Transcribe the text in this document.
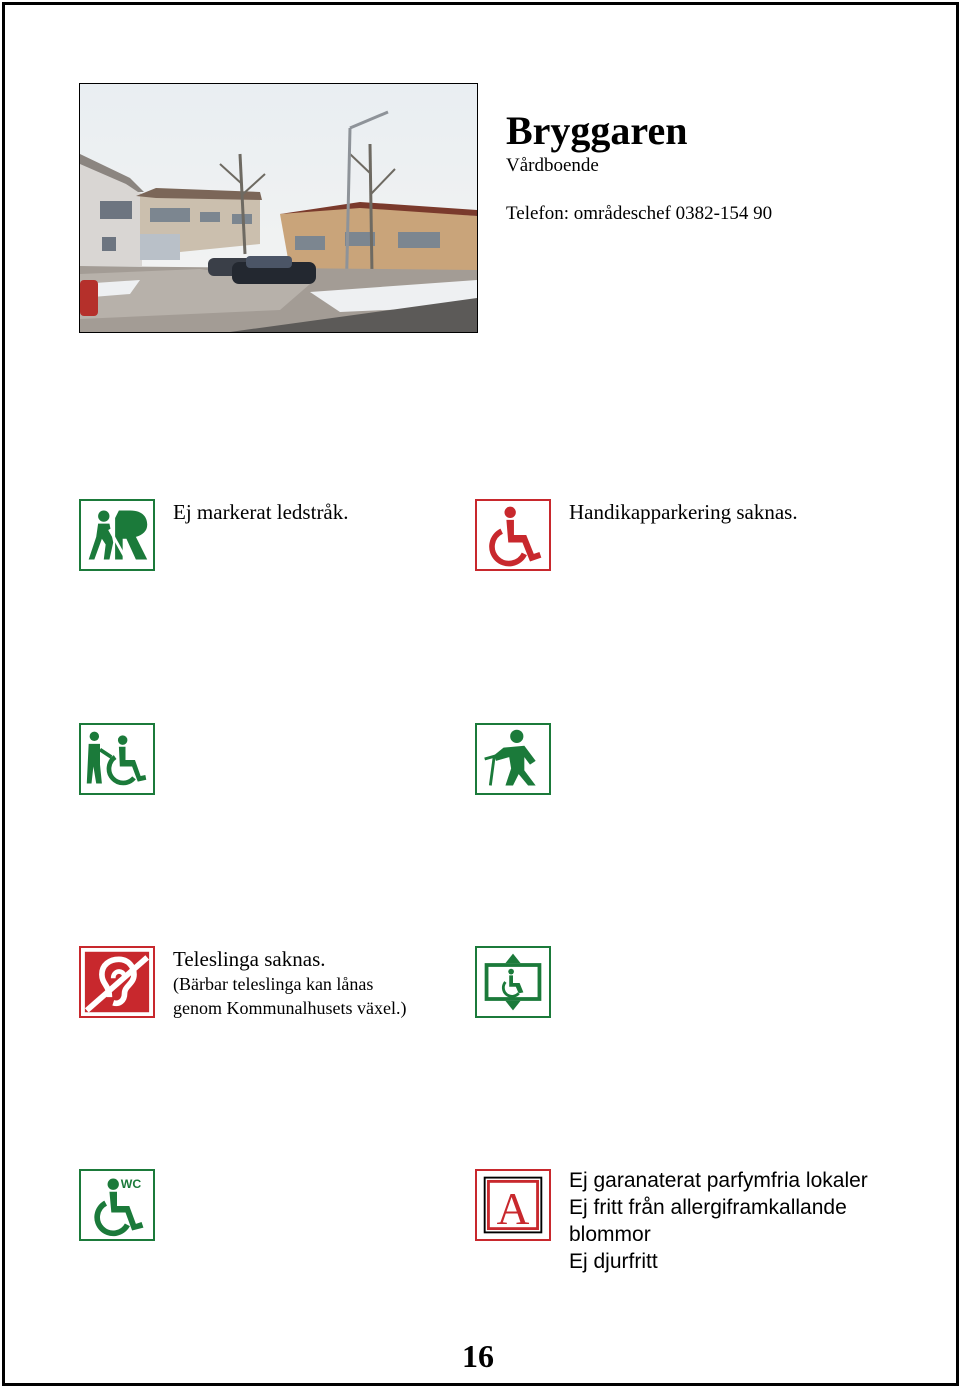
Bryggaren
Vårdboende
Telefon: områdeschef 0382-154 90
Ej markerat ledstråk.	Handikapparkering saknas.
Teleslinga saknas.
(Bärbar teleslinga kan lånas
genom Kommunalhusets växel.)
WC	A
Ej garanaterat parfymfria lokaler
Ej fritt från allergiframkallande
blommor
Ej djurfritt
16
